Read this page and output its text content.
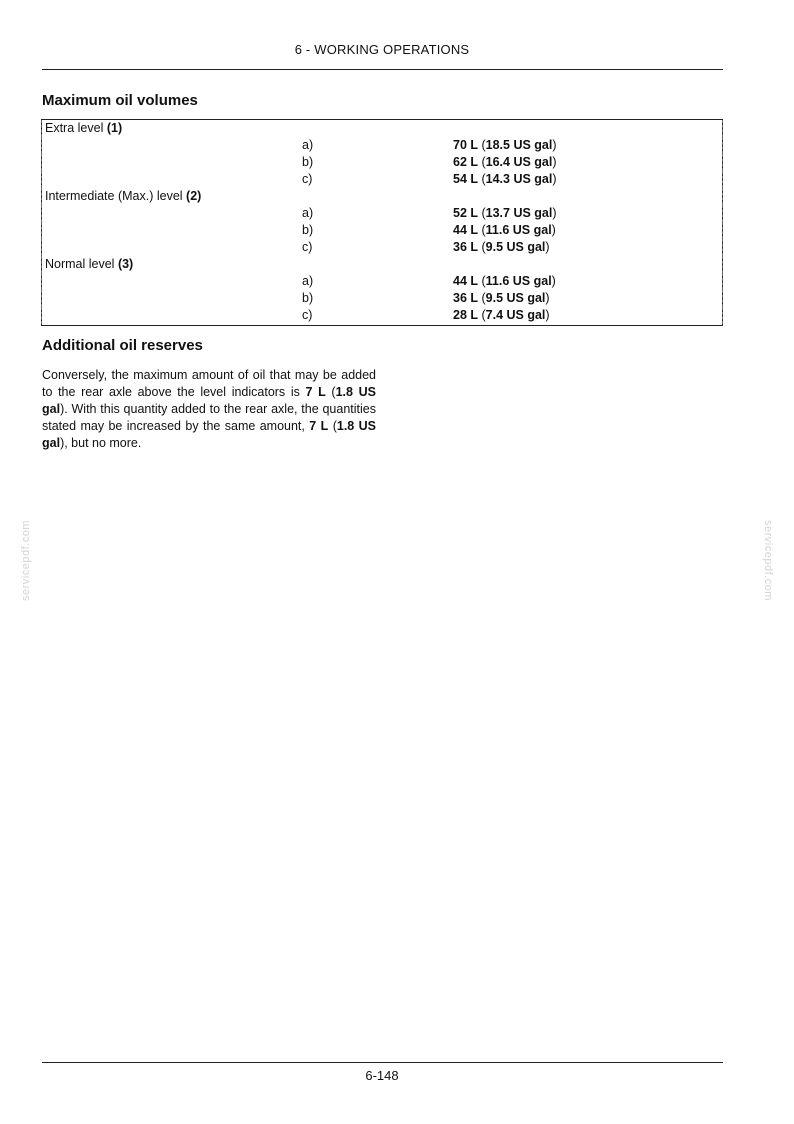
6 - WORKING OPERATIONS
Maximum oil volumes
Extra level (1)
a)	70 L (18.5 US gal)
b)	62 L (16.4 US gal)
c)	54 L (14.3 US gal)
Intermediate (Max.) level (2)
a)	52 L (13.7 US gal)
b)	44 L (11.6 US gal)
c)	36 L (9.5 US gal)
Normal level (3)
a)	44 L (11.6 US gal)
b)	36 L (9.5 US gal)
c)	28 L (7.4 US gal)
Additional oil reserves

Conversely, the maximum amount of oil that may be added to the rear axle above the level indicators is 7 L (1.8 US gal). With this quantity added to the rear axle, the quantities stated may be increased by the same amount, 7 L (1.8 US gal), but no more.

servicepdf.com	servicepdf.com
6-148
